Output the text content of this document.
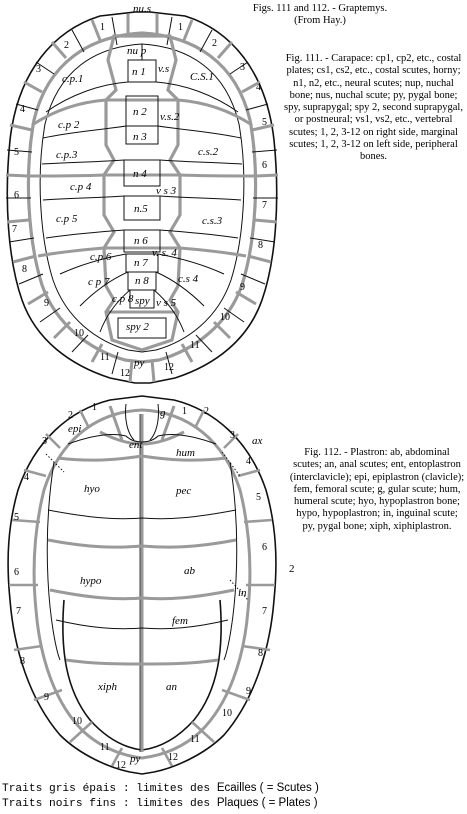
nu.s
nu p
n 1 v.s
c.p.1	C.S.1
n 2 v.s.2
c.p 2
n 3
c.p.3	c.s.2
n 4
v s 3
c.p 4
n.5
c.p 5	c.s.3
n 6
v. s. 4
n 7
c.p 6
c.s 4
c p 7 n 8
c.p 8 spy v s 5
spy 2
py
1
2
3
4
5
6
7
8
9
10
11
12
1
2
3
4
5
6
7
8
9
10
11
12
g
ent
epi
hum
ax
hyo	pec
hypo
ab
in
fem
xiph	an
py
1
2
3
4
5
6
7
8
9
10
11
12
1 2
3
4
5
6
7
8
9
10
11
12
Figs. 111 and 112. - Graptemys.
(From Hay.)
Fig. 111. - Carapace: cp1, cp2, etc., costal plates; cs1, cs2, etc., costal scutes, horny; n1, n2, etc., neural scutes; nup, nuchal bone; nus, nuchal scute; py, pygal bone; spy, suprapygal; spy 2, second suprapygal, or postneural; vs1, vs2, etc., vertebral scutes; 1, 2, 3-12 on right side, marginal scutes; 1, 2, 3-12 on left side, peripheral bones.
Fig. 112. - Plastron: ab, abdominal scutes; an, anal scutes; ent, entoplastron (interclavicle); epi, epiplastron (clavicle); fem, femoral scute; g, gular scute; hum, humeral scute; hyo, hypoplastron bone; hypo, hypoplastron; in, inguinal scute; py, pygal bone; xiph, xiphiplastron.
2
Traits gris épais : limites des Ecailles ( = Scutes )
Traits noirs fins : limites des Plaques ( = Plates )
